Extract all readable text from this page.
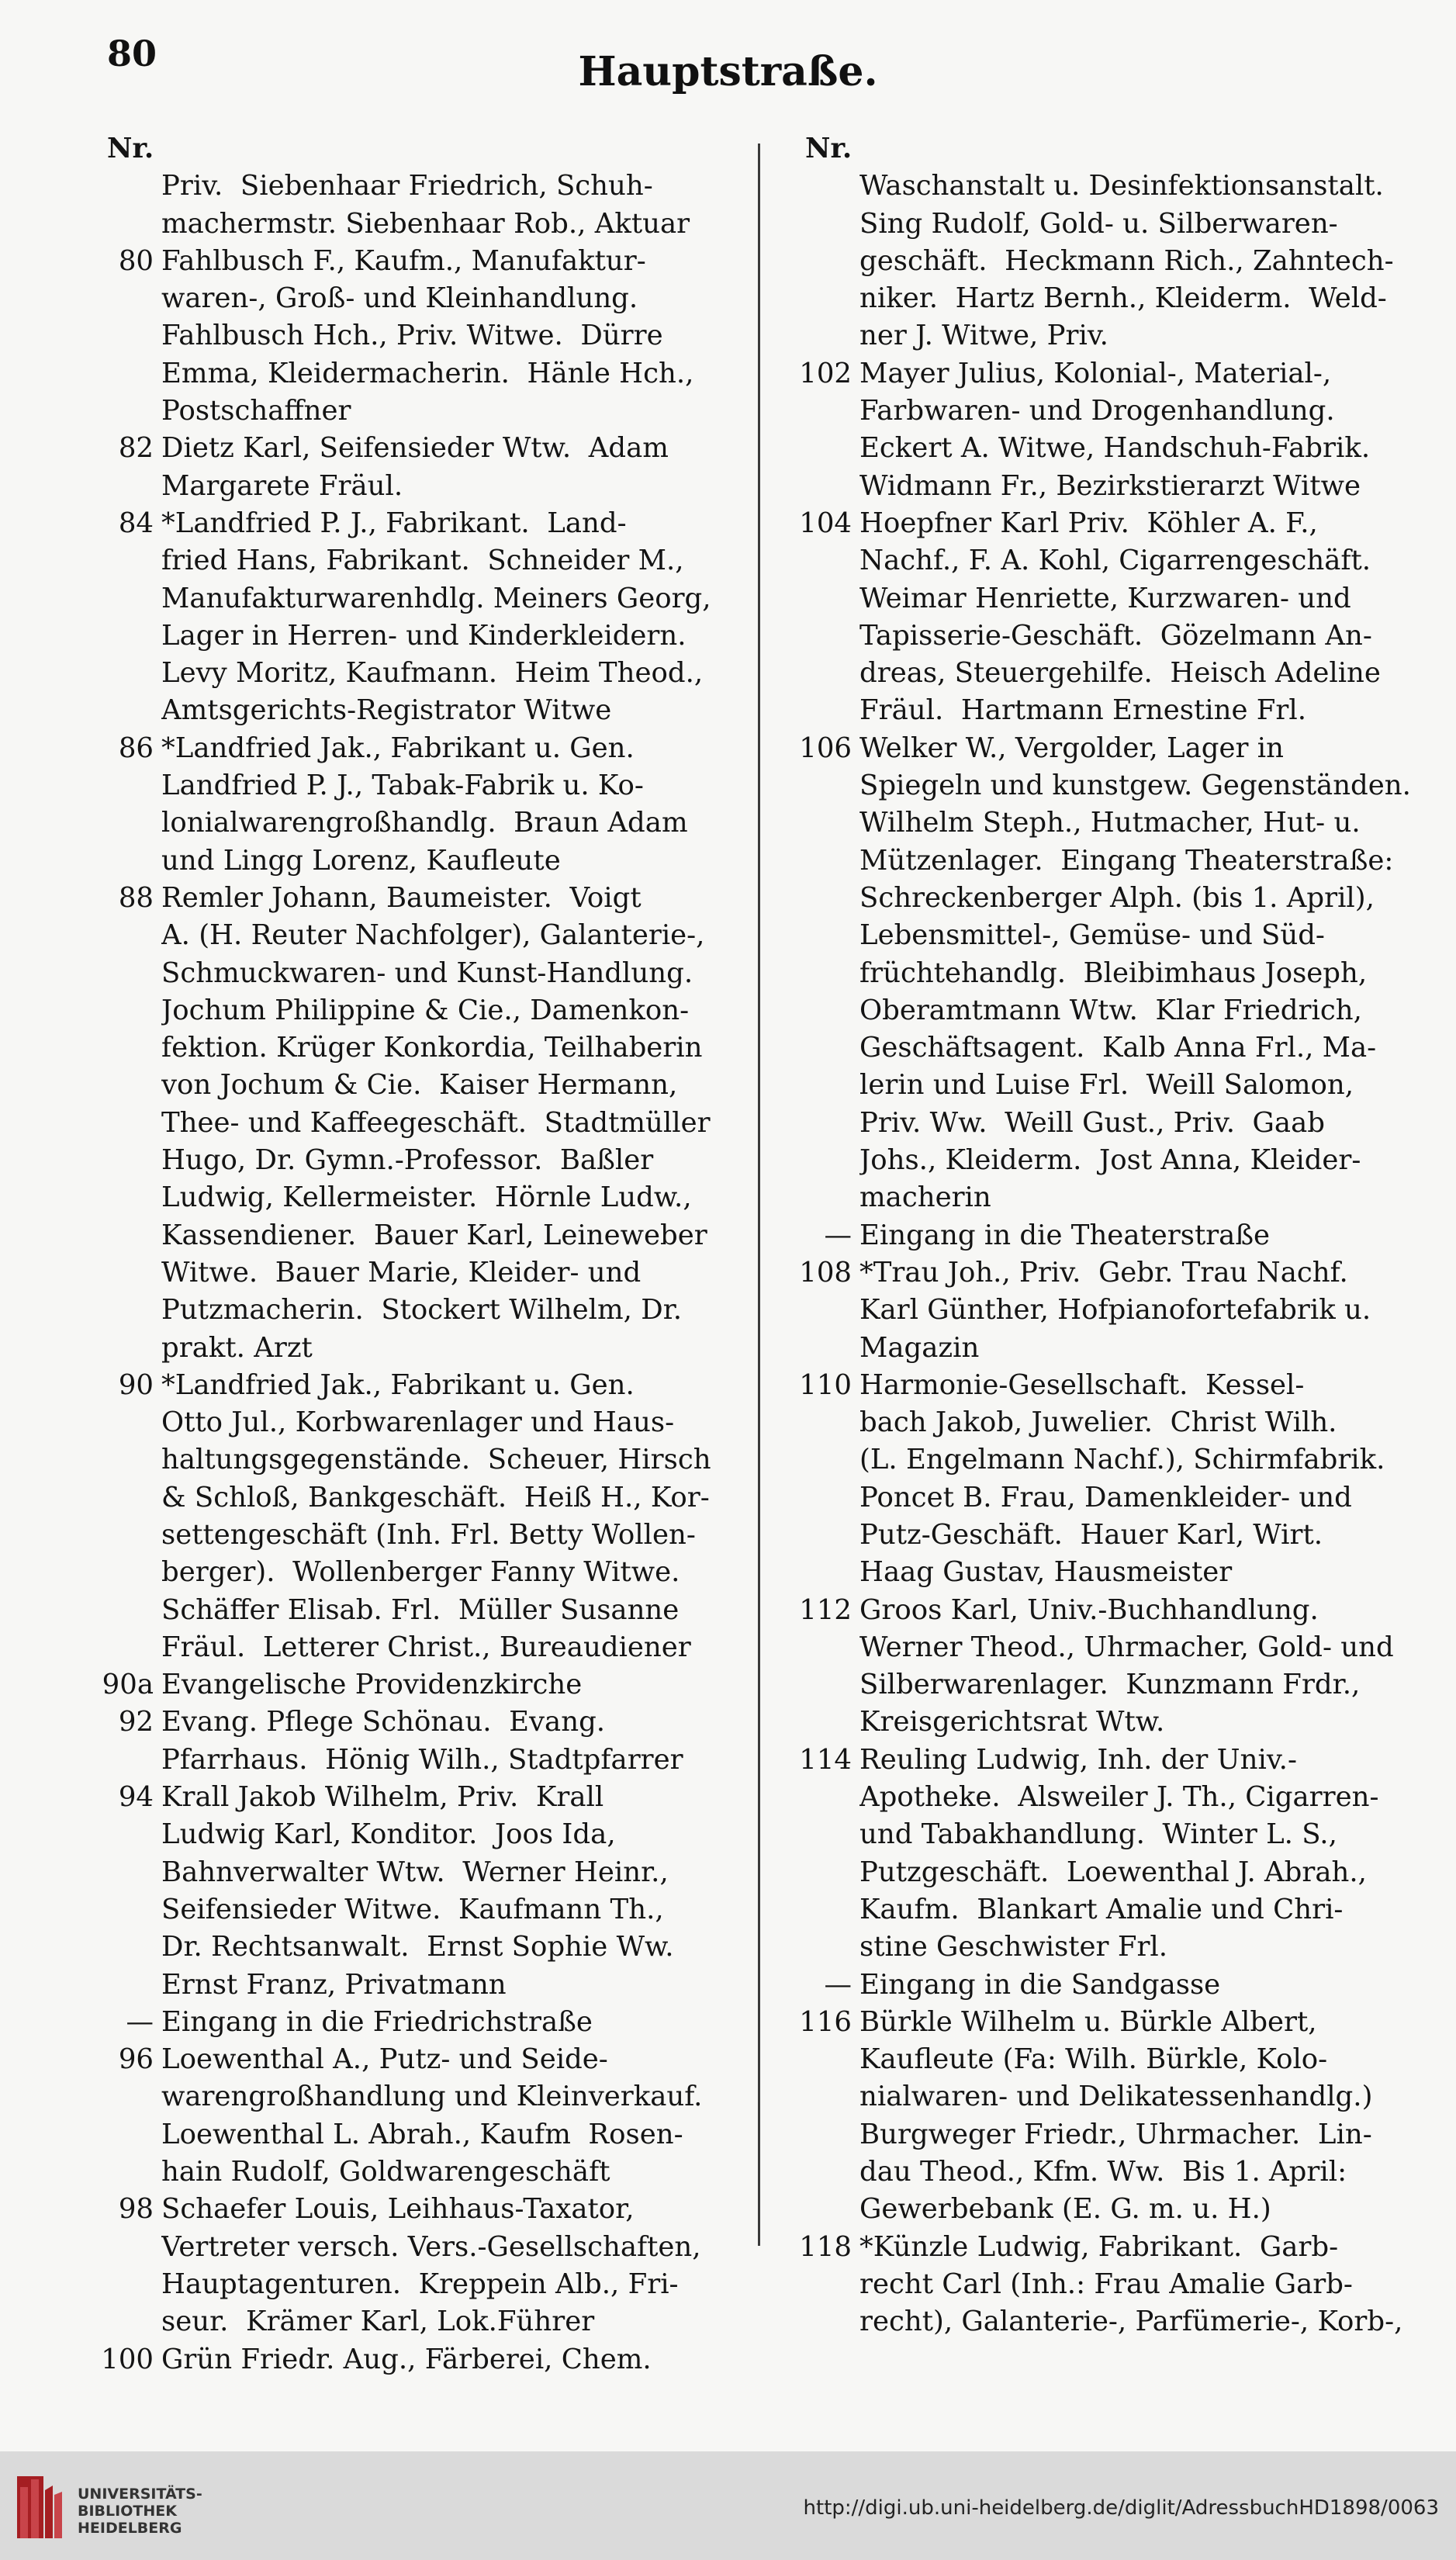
80	Hauptstraße.
Nr.
Priv.  Siebenhaar Friedrich, Schuh-
machermstr. Siebenhaar Rob., Aktuar
80 Fahlbusch F., Kaufm., Manufaktur-
waren-, Groß- und Kleinhandlung.
Fahlbusch Hch., Priv. Witwe.  Dürre
Emma, Kleidermacherin.  Hänle Hch.,
Postschaffner
82 Dietz Karl, Seifensieder Wtw.  Adam
Margarete Fräul.
84 *Landfried P. J., Fabrikant.  Land-
fried Hans, Fabrikant.  Schneider M.,
Manufakturwarenhdlg. Meiners Georg,
Lager in Herren- und Kinderkleidern.
Levy Moritz, Kaufmann.  Heim Theod.,
Amtsgerichts-Registrator Witwe
86 *Landfried Jak., Fabrikant u. Gen.
Landfried P. J., Tabak-Fabrik u. Ko-
lonialwarengroßhandlg.  Braun Adam
und Lingg Lorenz, Kaufleute
88 Remler Johann, Baumeister.  Voigt
A. (H. Reuter Nachfolger), Galanterie-,
Schmuckwaren- und Kunst-Handlung.
Jochum Philippine & Cie., Damenkon-
fektion. Krüger Konkordia, Teilhaberin
von Jochum & Cie.  Kaiser Hermann,
Thee- und Kaffeegeschäft.  Stadtmüller
Hugo, Dr. Gymn.-Professor.  Baßler
Ludwig, Kellermeister.  Hörnle Ludw.,
Kassendiener.  Bauer Karl, Leineweber
Witwe.  Bauer Marie, Kleider- und
Putzmacherin.  Stockert Wilhelm, Dr.
prakt. Arzt
90 *Landfried Jak., Fabrikant u. Gen.
Otto Jul., Korbwarenlager und Haus-
haltungsgegenstände.  Scheuer, Hirsch
& Schloß, Bankgeschäft.  Heiß H., Kor-
settengeschäft (Inh. Frl. Betty Wollen-
berger).  Wollenberger Fanny Witwe.
Schäffer Elisab. Frl.  Müller Susanne
Fräul.  Letterer Christ., Bureaudiener
90a Evangelische Providenzkirche
92 Evang. Pflege Schönau.  Evang.
Pfarrhaus.  Hönig Wilh., Stadtpfarrer
94 Krall Jakob Wilhelm, Priv.  Krall
Ludwig Karl, Konditor.  Joos Ida,
Bahnverwalter Wtw.  Werner Heinr.,
Seifensieder Witwe.  Kaufmann Th.,
Dr. Rechtsanwalt.  Ernst Sophie Ww.
Ernst Franz, Privatmann
— Eingang in die Friedrichstraße
96 Loewenthal A., Putz- und Seide-
warengroßhandlung und Kleinverkauf.
Loewenthal L. Abrah., Kaufm  Rosen-
hain Rudolf, Goldwarengeschäft
98 Schaefer Louis, Leihhaus-Taxator,
Vertreter versch. Vers.-Gesellschaften,
Hauptagenturen.  Kreppein Alb., Fri-
seur.  Krämer Karl, Lok.Führer
100 Grün Friedr. Aug., Färberei, Chem.
Nr.
Waschanstalt u. Desinfektionsanstalt.
Sing Rudolf, Gold- u. Silberwaren-
geschäft.  Heckmann Rich., Zahntech-
niker.  Hartz Bernh., Kleiderm.  Weld-
ner J. Witwe, Priv.
102 Mayer Julius, Kolonial-, Material-,
Farbwaren- und Drogenhandlung.
Eckert A. Witwe, Handschuh-Fabrik.
Widmann Fr., Bezirkstierarzt Witwe
104 Hoepfner Karl Priv.  Köhler A. F.,
Nachf., F. A. Kohl, Cigarrengeschäft.
Weimar Henriette, Kurzwaren- und
Tapisserie-Geschäft.  Gözelmann An-
dreas, Steuergehilfe.  Heisch Adeline
Fräul.  Hartmann Ernestine Frl.
106 Welker W., Vergolder, Lager in
Spiegeln und kunstgew. Gegenständen.
Wilhelm Steph., Hutmacher, Hut- u.
Mützenlager.  Eingang Theaterstraße:
Schreckenberger Alph. (bis 1. April),
Lebensmittel-, Gemüse- und Süd-
früchtehandlg.  Bleibimhaus Joseph,
Oberamtmann Wtw.  Klar Friedrich,
Geschäftsagent.  Kalb Anna Frl., Ma-
lerin und Luise Frl.  Weill Salomon,
Priv. Ww.  Weill Gust., Priv.  Gaab
Johs., Kleiderm.  Jost Anna, Kleider-
macherin
— Eingang in die Theaterstraße
108 *Trau Joh., Priv.  Gebr. Trau Nachf.
Karl Günther, Hofpianofortefabrik u.
Magazin
110 Harmonie-Gesellschaft.  Kessel-
bach Jakob, Juwelier.  Christ Wilh.
(L. Engelmann Nachf.), Schirmfabrik.
Poncet B. Frau, Damenkleider- und
Putz-Geschäft.  Hauer Karl, Wirt.
Haag Gustav, Hausmeister
112 Groos Karl, Univ.-Buchhandlung.
Werner Theod., Uhrmacher, Gold- und
Silberwarenlager.  Kunzmann Frdr.,
Kreisgerichtsrat Wtw.
114 Reuling Ludwig, Inh. der Univ.-
Apotheke.  Alsweiler J. Th., Cigarren-
und Tabakhandlung.  Winter L. S.,
Putzgeschäft.  Loewenthal J. Abrah.,
Kaufm.  Blankart Amalie und Chri-
stine Geschwister Frl.
— Eingang in die Sandgasse
116 Bürkle Wilhelm u. Bürkle Albert,
Kaufleute (Fa: Wilh. Bürkle, Kolo-
nialwaren- und Delikatessenhandlg.)
Burgweger Friedr., Uhrmacher.  Lin-
dau Theod., Kfm. Ww.  Bis 1. April:
Gewerbebank (E. G. m. u. H.)
118 *Künzle Ludwig, Fabrikant.  Garb-
recht Carl (Inh.: Frau Amalie Garb-
recht), Galanterie-, Parfümerie-, Korb-,
UNIVERSITÄTS-
BIBLIOTHEK
HEIDELBERG
http://digi.ub.uni-heidelberg.de/diglit/AdressbuchHD1898/0063
